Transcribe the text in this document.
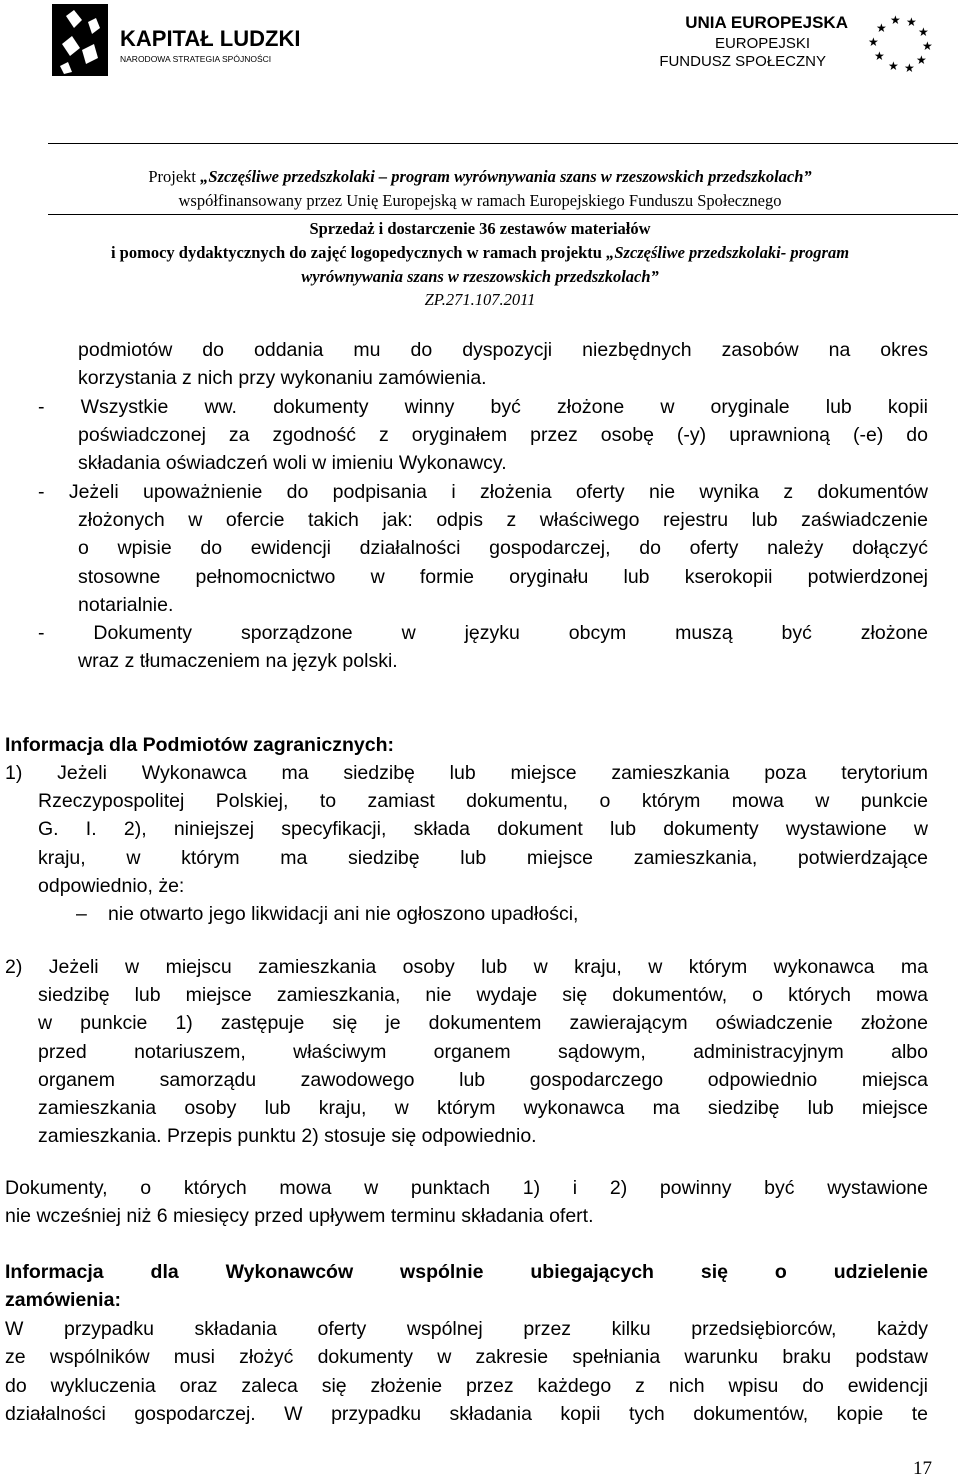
KAPITAŁ LUDZKI
NARODOWA STRATEGIA SPÓJNOŚCI
UNIA EUROPEJSKA
EUROPEJSKI
FUNDUSZ SPOŁECZNY
★ ★
★	★
★	★
★	★
★ ★
Projekt „Szczęśliwe przedszkolaki – program wyrównywania szans w rzeszowskich przedszkolach”
współfinansowany przez Unię Europejską w ramach Europejskiego Funduszu Społecznego
Sprzedaż i dostarczenie 36 zestawów materiałów
i pomocy dydaktycznych do zajęć logopedycznych w ramach projektu „Szczęśliwe przedszkolaki- program
wyrównywania szans w rzeszowskich przedszkolach”
ZP.271.107.2011

podmiotów do oddania mu do dyspozycji niezbędnych zasobów na okres

korzystania z nich przy wykonaniu zamówienia.

- Wszystkie ww. dokumenty winny być złożone w oryginale lub kopii

poświadczonej za zgodność z oryginałem przez osobę (-y) uprawnioną (-e) do

składania oświadczeń woli w imieniu Wykonawcy.

- Jeżeli upoważnienie do podpisania i złożenia oferty nie wynika z dokumentów

złożonych w ofercie takich jak: odpis z właściwego rejestru lub zaświadczenie

o wpisie do ewidencji działalności gospodarczej, do oferty należy dołączyć

stosowne pełnomocnictwo w formie oryginału lub kserokopii potwierdzonej

notarialnie.

- Dokumenty sporządzone w języku obcym muszą być złożone

wraz z tłumaczeniem na język polski.

Informacja dla Podmiotów zagranicznych:

1) Jeżeli Wykonawca ma siedzibę lub miejsce zamieszkania poza terytorium

Rzeczypospolitej Polskiej, to zamiast dokumentu, o którym mowa w punkcie

G. I. 2), niniejszej specyfikacji, składa dokument lub dokumenty wystawione w

kraju, w którym ma siedzibę lub miejsce zamieszkania, potwierdzające

odpowiednio, że:

–	nie otwarto jego likwidacji ani nie ogłoszono upadłości,

2) Jeżeli w miejscu zamieszkania osoby lub w kraju, w którym wykonawca ma

siedzibę lub miejsce zamieszkania, nie wydaje się dokumentów, o których mowa

w punkcie 1) zastępuje się je dokumentem zawierającym oświadczenie złożone

przed notariuszem, właściwym organem sądowym, administracyjnym albo

organem samorządu zawodowego lub gospodarczego odpowiednio miejsca

zamieszkania osoby lub kraju, w którym wykonawca ma siedzibę lub miejsce

zamieszkania. Przepis punktu 2) stosuje się odpowiednio.

Dokumenty, o których mowa w punktach 1) i 2) powinny być wystawione

nie wcześniej niż 6 miesięcy przed upływem terminu składania ofert.

Informacja dla Wykonawców wspólnie ubiegających się o udzielenie

zamówienia:

W przypadku składania oferty wspólnej przez kilku przedsiębiorców, każdy

ze wspólników musi złożyć dokumenty w zakresie spełniania warunku braku podstaw

do wykluczenia oraz zaleca się złożenie przez każdego z nich wpisu do ewidencji

działalności gospodarczej. W przypadku składania kopii tych dokumentów, kopie te

17
